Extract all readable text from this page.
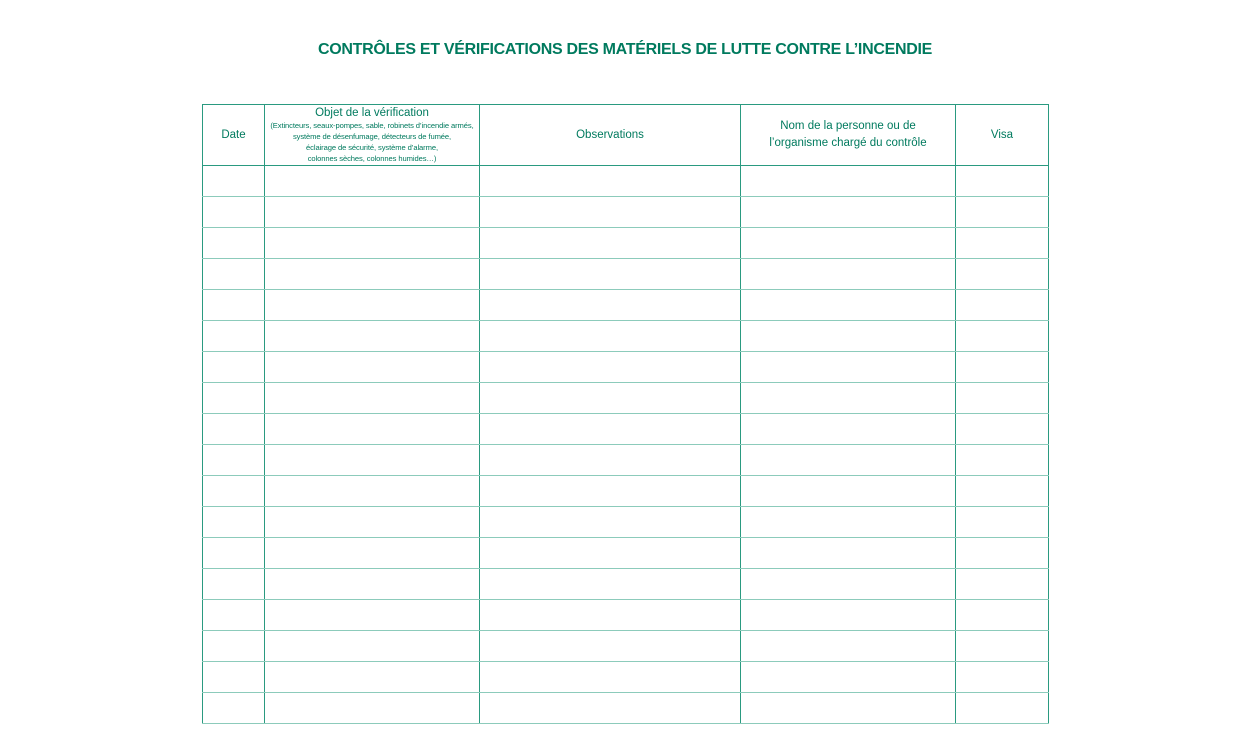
CONTRÔLES ET VÉRIFICATIONS DES MATÉRIELS DE LUTTE CONTRE L’INCENDIE
Date	Objet de la vérification
(Extincteurs, seaux-pompes, sable, robinets d’incendie armés,
système de désenfumage, détecteurs de fumée,
éclairage de sécurité, système d’alarme,
colonnes sèches, colonnes humides…)	Observations	Nom de la personne ou de
l’organisme chargé du contrôle	Visa
